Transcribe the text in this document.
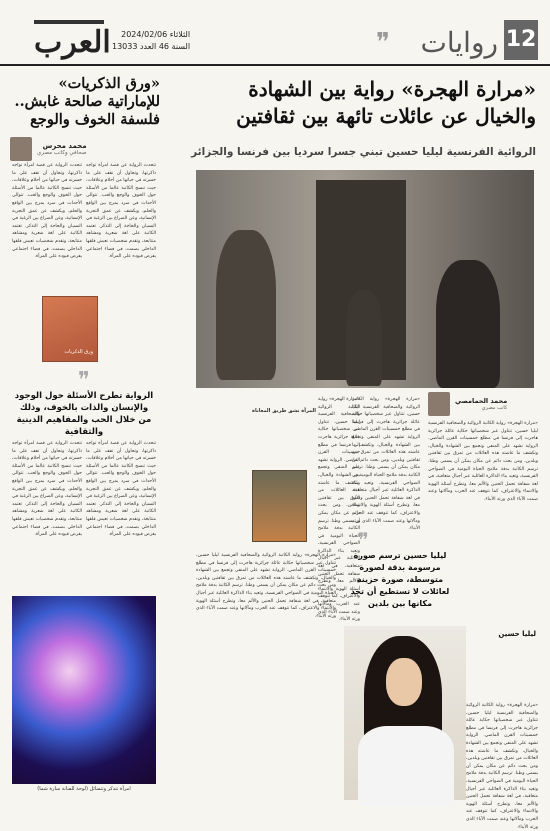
12
روايات
❞
العرب	الثلاثاء 2024/02/06
السنة 46 العدد 13033
«مرارة الهجرة» رواية بين الشهادة
والخيال عن عائلات تائهة بين ثقافتين
الروائية الفرنسية ليليا حسين تبني جسرا سرديا بين فرنسا والجزائر
محمد الحمامصي
كاتب مصري
«مرارة الهجرة» رواية الكاتبة الروائية والصحافية الفرنسية ليليا حسين، تتناول عبر شخصياتها حكاية عائلة جزائرية هاجرت إلى فرنسا في مطلع خمسينات القرن الماضي. الرواية تشهد على المنفى وتجمع بين الشهادة والخيال، وتكشف ما عاشته هذه العائلات من تمزق بين ثقافتين وبلدين، ومن بحث دائم عن مكان يمكن أن يسمى وطنا. ترسم الكاتبة بدقة ملامح الحياة اليومية في الضواحي الفرنسية، وتعيد بناء الذاكرة العائلية عبر أجيال متعاقبة، في لغة شفافة تحمل الحنين والألم معا، وتطرح أسئلة الهوية والانتماء والاعتراف، كما تتوقف عند الحرب ومآلاتها وعند صمت الآباء الذي ورثه الأبناء.
«مرارة الهجرة» رواية الكاتبة الروائية والصحافية الفرنسية ليليا حسين، تتناول عبر شخصياتها حكاية عائلة جزائرية هاجرت إلى فرنسا في مطلع خمسينات القرن الماضي. الرواية تشهد على المنفى وتجمع بين الشهادة والخيال، وتكشف ما عاشته هذه العائلات من تمزق بين ثقافتين وبلدين، ومن بحث دائم عن مكان يمكن أن يسمى وطنا. ترسم الكاتبة بدقة ملامح الحياة اليومية في الضواحي الفرنسية، وتعيد بناء الذاكرة العائلية عبر أجيال متعاقبة، في لغة شفافة تحمل الحنين والألم معا، وتطرح أسئلة الهوية والانتماء والاعتراف، كما تتوقف عند الحرب ومآلاتها وعند صمت الآباء الذي ورثه الأبناء.
«مرارة الهجرة» رواية الكاتبة الروائية والصحافية الفرنسية ليليا حسين، تتناول عبر شخصياتها حكاية عائلة جزائرية هاجرت إلى فرنسا في مطلع خمسينات القرن الماضي. الرواية تشهد على المنفى وتجمع بين الشهادة والخيال، وتكشف ما عاشته هذه العائلات من تمزق بين ثقافتين وبلدين، ومن بحث دائم عن مكان يمكن أن يسمى وطنا. ترسم الكاتبة بدقة ملامح الحياة اليومية في الضواحي الفرنسية، وتعيد بناء الذاكرة العائلية عبر أجيال متعاقبة، في لغة شفافة تحمل الحنين والألم معا، وتطرح أسئلة الهوية والانتماء والاعتراف، كما تتوقف عند الحرب ومآلاتها وعند صمت الآباء الذي ورثه الأبناء.
«مرارة الهجرة» رواية الكاتبة الروائية والصحافية الفرنسية ليليا حسين، تتناول عبر شخصياتها حكاية عائلة جزائرية هاجرت إلى فرنسا في مطلع خمسينات القرن الماضي. الرواية تشهد على المنفى وتجمع بين الشهادة والخيال، وتكشف ما عاشته هذه العائلات من تمزق بين ثقافتين وبلدين، ومن بحث دائم عن مكان يمكن أن يسمى وطنا. ترسم الكاتبة بدقة ملامح الحياة اليومية في الضواحي الفرنسية، وتعيد بناء الذاكرة العائلية عبر أجيال متعاقبة، في لغة شفافة تحمل الحنين والألم معا، وتطرح أسئلة الهوية والانتماء والاعتراف، كما تتوقف عند الحرب ومآلاتها وعند صمت الآباء الذي ورثه الأبناء.
«مرارة الهجرة» رواية الكاتبة الروائية والصحافية الفرنسية ليليا حسين، تتناول عبر شخصياتها حكاية عائلة جزائرية هاجرت إلى فرنسا في مطلع خمسينات القرن الماضي. الرواية تشهد على المنفى وتجمع بين الشهادة والخيال، وتكشف ما عاشته هذه العائلات من تمزق بين ثقافتين وبلدين، ومن بحث دائم عن مكان يمكن أن يسمى وطنا. ترسم الكاتبة بدقة ملامح الحياة اليومية في الضواحي الفرنسية، وتعيد بناء الذاكرة العائلية عبر أجيال متعاقبة، في لغة شفافة تحمل الحنين والألم معا، وتطرح أسئلة الهوية والانتماء والاعتراف، كما تتوقف عند الحرب ومآلاتها وعند صمت الآباء الذي ورثه الأبناء.
المرأة تشق طريق المعاناة
❞
ليليا حسين ترسم صورة مرسومة بدقة لصورة متوسطة، صورة حزينة لعائلات لا تستطيع أن تجد مكانها بين بلدين
ليليا حسين
«ورق الذكريات» للإماراتية صالحة غابش.. فلسفة الخوف والوجع
محمد محرس
صحافي وكاتب مصري
تتحدث الرواية عن قصة امرأة تواجه ذاكرتها، وتحاول أن تقف على ما خسرته في حياتها من أحلام وعلاقات، حيث تنسج الكاتبة عالما من الأسئلة حول الخوف والوجع والحب. تتوالى الأحداث في سرد يمزج بين الواقع والحلم، ويكشف عن عمق التجربة الإنسانية، وعن الصراع بين الرغبة في النسيان والحاجة إلى التذكر. تعتمد الكاتبة على لغة شعرية ومشاهد متتابعة، وتقدم شخصيات تعيش قلقها الداخلي بصمت، في فضاء اجتماعي يفرض قيوده على المرأة.
تتحدث الرواية عن قصة امرأة تواجه ذاكرتها، وتحاول أن تقف على ما خسرته في حياتها من أحلام وعلاقات، حيث تنسج الكاتبة عالما من الأسئلة حول الخوف والوجع والحب. تتوالى الأحداث في سرد يمزج بين الواقع والحلم، ويكشف عن عمق التجربة الإنسانية، وعن الصراع بين الرغبة في النسيان والحاجة إلى التذكر. تعتمد الكاتبة على لغة شعرية ومشاهد متتابعة، وتقدم شخصيات تعيش قلقها الداخلي بصمت، في فضاء اجتماعي يفرض قيوده على المرأة.
تتحدث الرواية عن قصة امرأة تواجه ذاكرتها، وتحاول أن تقف على ما خسرته في حياتها من أحلام وعلاقات، حيث تنسج الكاتبة عالما من الأسئلة حول الخوف والوجع والحب. تتوالى الأحداث في سرد يمزج بين الواقع والحلم، ويكشف عن عمق التجربة الإنسانية، وعن الصراع بين الرغبة في النسيان والحاجة إلى التذكر. تعتمد الكاتبة على لغة شعرية ومشاهد متتابعة، وتقدم شخصيات تعيش قلقها الداخلي بصمت، في فضاء اجتماعي يفرض قيوده على المرأة.
تتحدث الرواية عن قصة امرأة تواجه ذاكرتها، وتحاول أن تقف على ما خسرته في حياتها من أحلام وعلاقات، حيث تنسج الكاتبة عالما من الأسئلة حول الخوف والوجع والحب. تتوالى الأحداث في سرد يمزج بين الواقع والحلم، ويكشف عن عمق التجربة الإنسانية، وعن الصراع بين الرغبة في النسيان والحاجة إلى التذكر. تعتمد الكاتبة على لغة شعرية ومشاهد متتابعة، وتقدم شخصيات تعيش قلقها الداخلي بصمت، في فضاء اجتماعي يفرض قيوده على المرأة.
ورق الذكريات
❞
الرواية تطرح الأسئلة حول الوجود والإنسان والذات بالخوف، وذلك من خلال الحب والمفاهيم الدينية والثقافية
امرأة تتذكر وتتسائل (لوحة للفنانة سارة شما)
